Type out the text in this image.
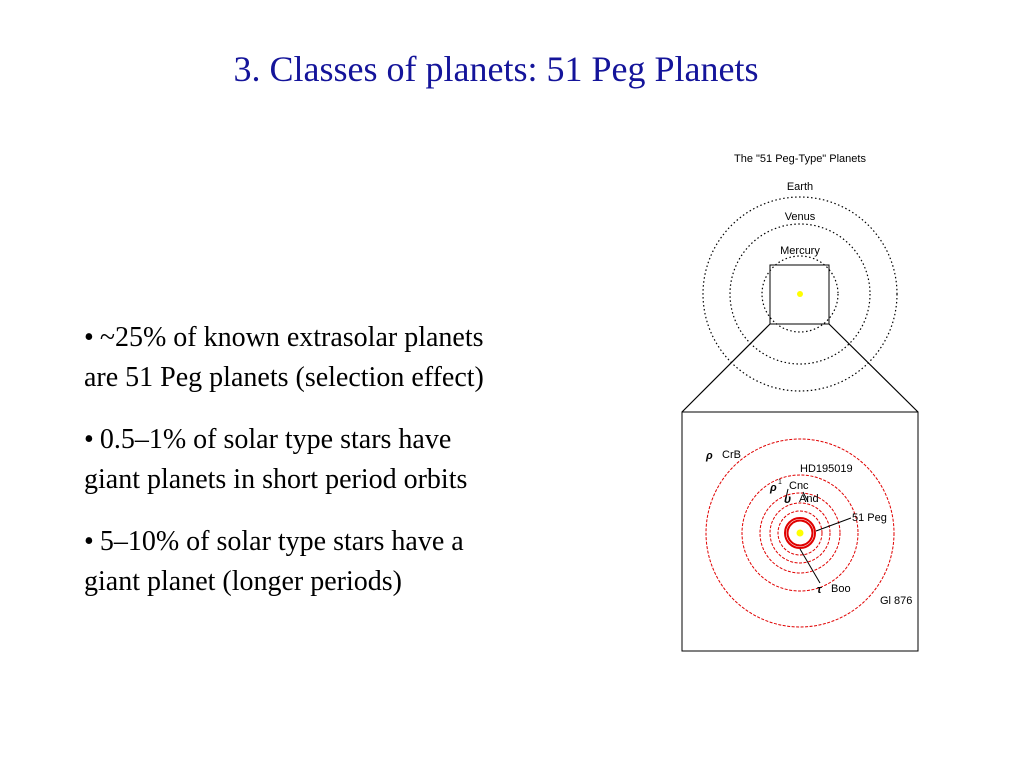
3. Classes of planets: 51 Peg Planets
• ~25% of known extrasolar planets
are 51 Peg planets (selection effect)
• 0.5–1% of solar type stars have
giant planets in short period orbits
• 5–10% of solar type stars have a
giant planet (longer periods)
The "51 Peg-Type" Planets
Earth
Venus
Mercury
ρ CrB
HD195019
ρ 1 Cnc
υ And
51 Peg
τ Boo
Gl 876
